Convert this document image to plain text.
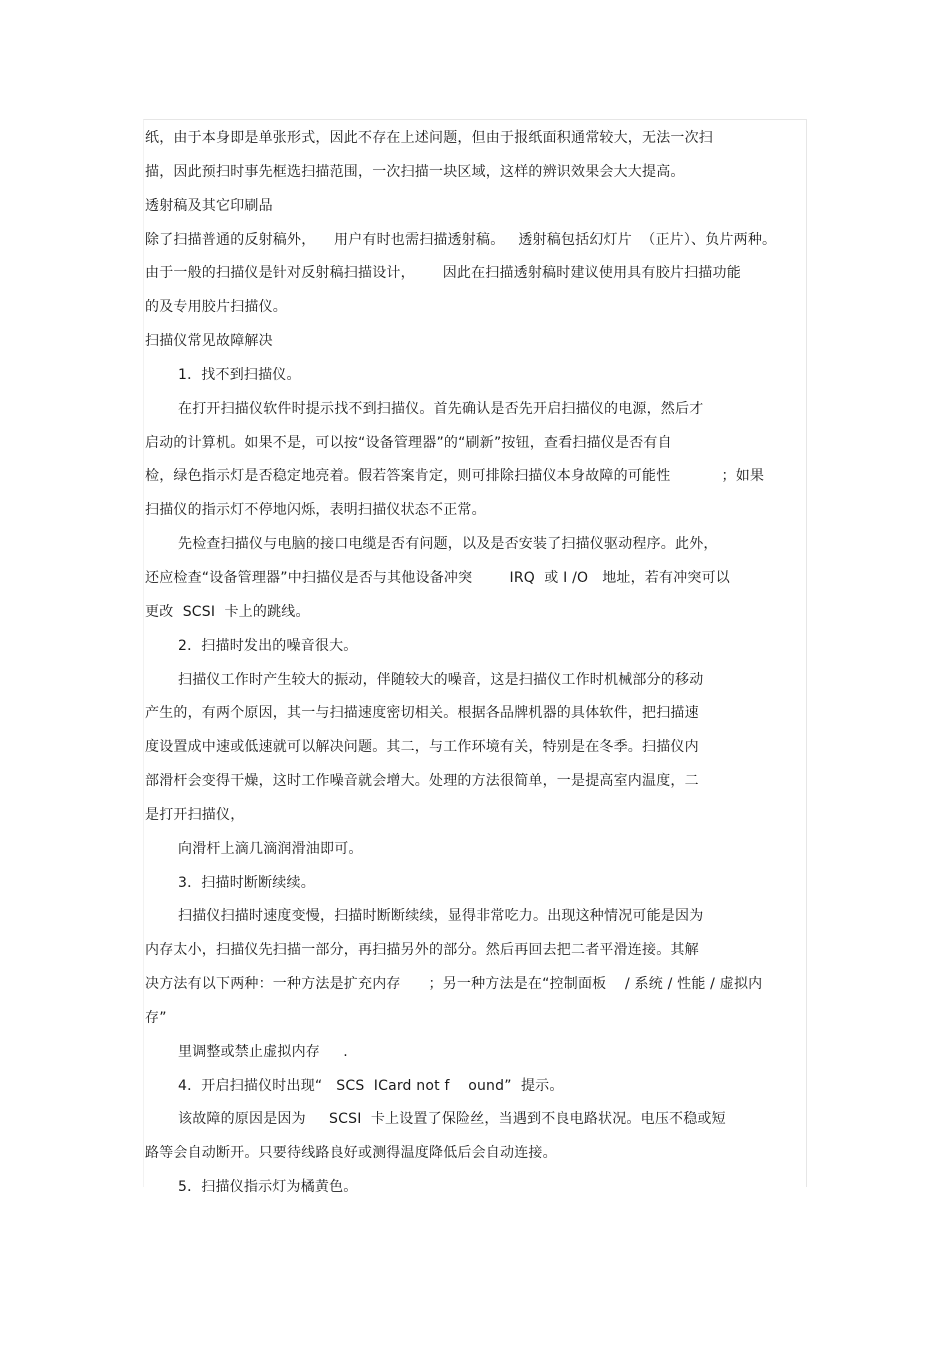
纸，由于本身即是单张形式，因此不存在上述问题，但由于报纸面积通常较大，无法一次扫
描，因此预扫时事先框选扫描范围，一次扫描一块区域，这样的辨识效果会大大提高。
透射稿及其它印刷品
除了扫描普通的反射稿外，    用户有时也需扫描透射稿。   透射稿包括幻灯片  （正片）、负片两种。
由于一般的扫描仪是针对反射稿扫描设计，      因此在扫描透射稿时建议使用具有胶片扫描功能
的及专用胶片扫描仪。
扫描仪常见故障解决
1．找不到扫描仪。
在打开扫描仪软件时提示找不到扫描仪。首先确认是否先开启扫描仪的电源，然后才
启动的计算机。如果不是，可以按“设备管理器”的“刷新”按钮，查看扫描仪是否有自
检，绿色指示灯是否稳定地亮着。假若答案肯定，则可排除扫描仪本身故障的可能性           ；如果
扫描仪的指示灯不停地闪烁，表明扫描仪状态不正常。
先检查扫描仪与电脑的接口电缆是否有问题，以及是否安装了扫描仪驱动程序。此外，
还应检查“设备管理器”中扫描仪是否与其他设备冲突        IRQ  或 I /O   地址，若有冲突可以
更改  SCSI  卡上的跳线。
2．扫描时发出的噪音很大。
扫描仪工作时产生较大的振动，伴随较大的噪音，这是扫描仪工作时机械部分的移动
产生的，有两个原因，其一与扫描速度密切相关。根据各品牌机器的具体软件，把扫描速
度设置成中速或低速就可以解决问题。其二，与工作环境有关，特别是在冬季。扫描仪内
部滑杆会变得干燥，这时工作噪音就会增大。处理的方法很简单，一是提高室内温度，二
是打开扫描仪，
向滑杆上滴几滴润滑油即可。
3．扫描时断断续续。
扫描仪扫描时速度变慢，扫描时断断续续，显得非常吃力。出现这种情况可能是因为
内存太小，扫描仪先扫描一部分，再扫描另外的部分。然后再回去把二者平滑连接。其解
决方法有以下两种：一种方法是扩充内存      ；另一种方法是在“控制面板    / 系统 / 性能 / 虚拟内
存”
里调整或禁止虚拟内存     .
4．开启扫描仪时出现“   SCS  ICard not f    ound”  提示。
该故障的原因是因为     SCSI  卡上设置了保险丝，当遇到不良电路状况。电压不稳或短
路等会自动断开。只要待线路良好或测得温度降低后会自动连接。
5．扫描仪指示灯为橘黄色。
